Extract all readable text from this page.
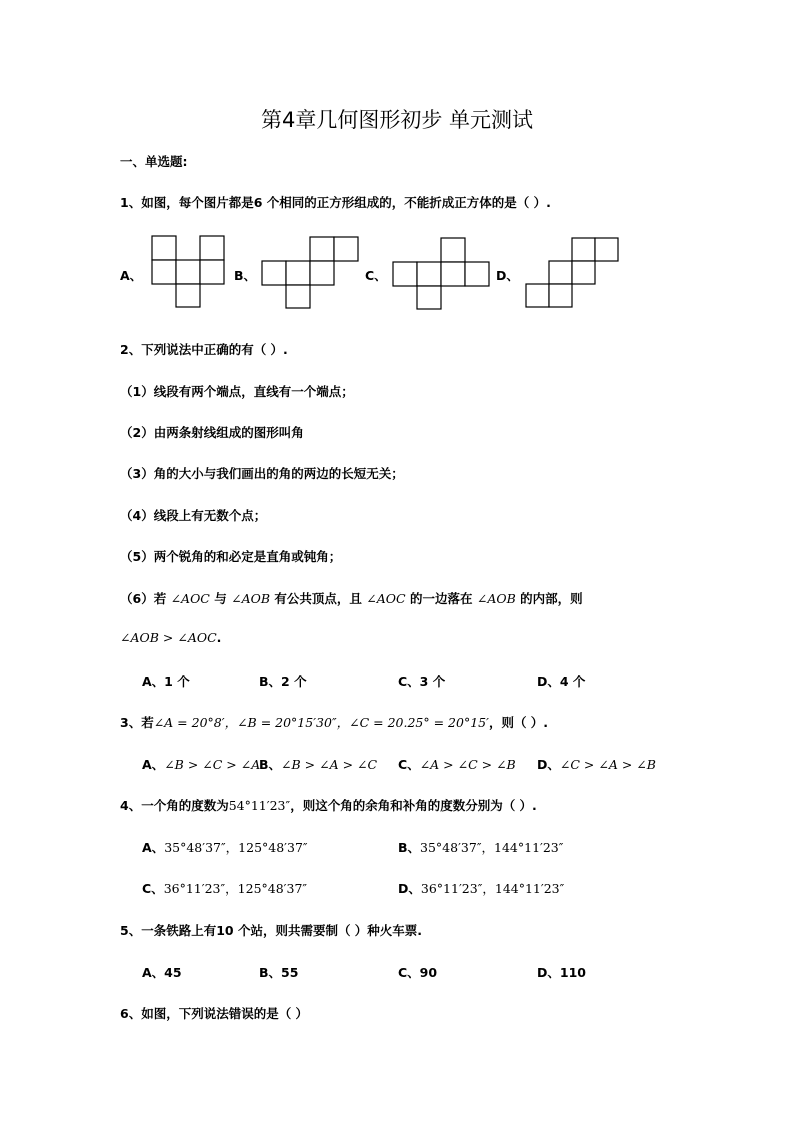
第4章几何图形初步 单元测试
一、单选题:
1、如图，每个图片都是6 个相同的正方形组成的，不能折成正方体的是（ ）.
A、	B、	C、	D、
2、下列说法中正确的有（ ）.
（1）线段有两个端点，直线有一个端点；
（2）由两条射线组成的图形叫角
（3）角的大小与我们画出的角的两边的长短无关；
（4）线段上有无数个点；
（5）两个锐角的和必定是直角或钝角；
（6）若 ∠AOC 与 ∠AOB 有公共顶点，且 ∠AOC 的一边落在 ∠AOB 的内部，则
∠AOB > ∠AOC.
A、1 个	B、2 个	C、3 个	D、4 个
3、若∠A = 20°8′，∠B = 20°15′30″，∠C = 20.25° = 20°15′，则（ ）.
A、∠B > ∠C > ∠A
B、∠B > ∠A > ∠C C、∠A > ∠C > ∠B D、∠C > ∠A > ∠B
4、一个角的度数为54°11′23″，则这个角的余角和补角的度数分别为（ ）.
A、35°48′37″，125°48′37″	B、35°48′37″，144°11′23″
C、36°11′23″，125°48′37″	D、36°11′23″，144°11′23″
5、一条铁路上有10 个站，则共需要制（ ）种火车票.
A、45	B、55	C、90	D、110
6、如图，下列说法错误的是（ ）
